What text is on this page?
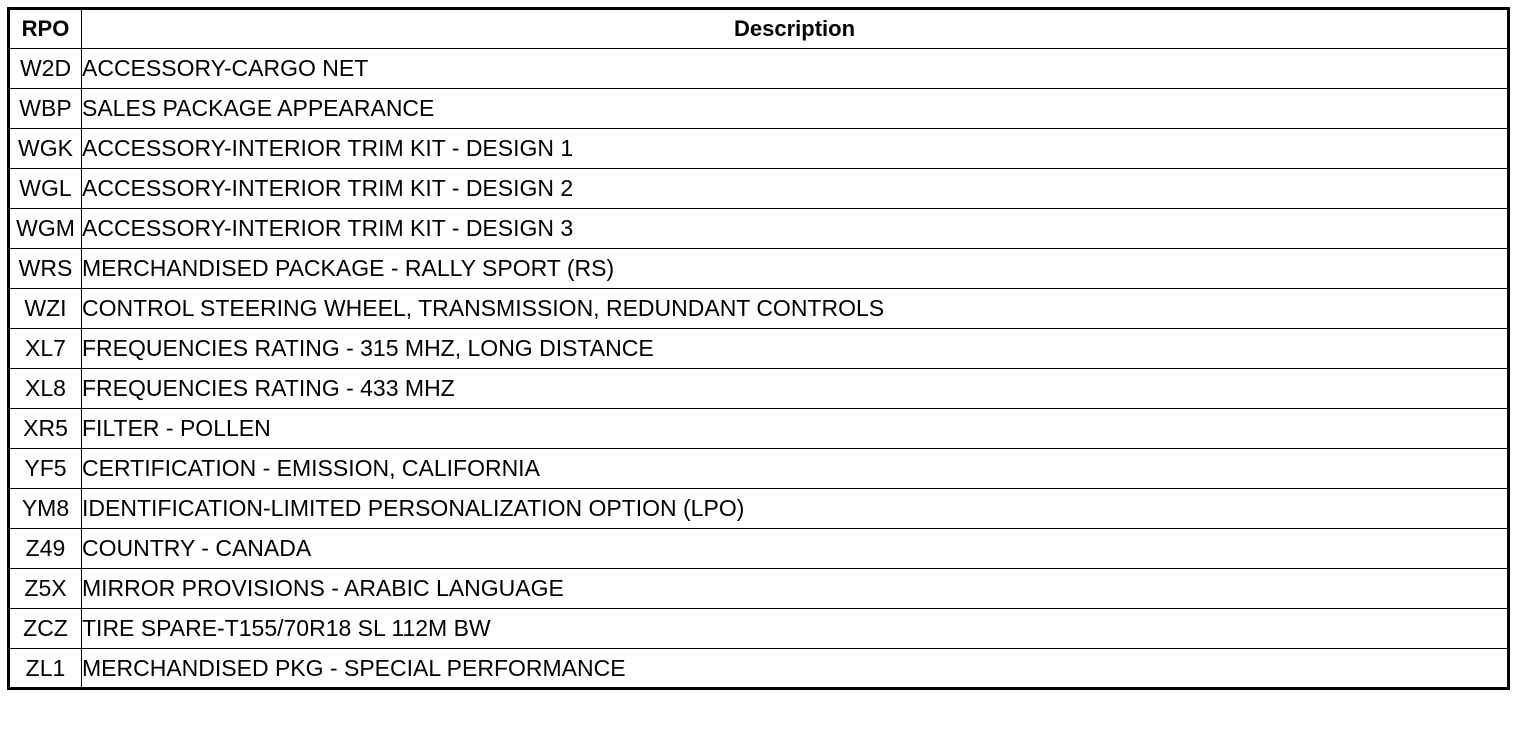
RPO	Description
W2D	ACCESSORY-CARGO NET
WBP	SALES PACKAGE APPEARANCE
WGK	ACCESSORY-INTERIOR TRIM KIT - DESIGN 1
WGL	ACCESSORY-INTERIOR TRIM KIT - DESIGN 2
WGM	ACCESSORY-INTERIOR TRIM KIT - DESIGN 3
WRS	MERCHANDISED PACKAGE - RALLY SPORT (RS)
WZI	CONTROL STEERING WHEEL, TRANSMISSION, REDUNDANT CONTROLS
XL7	FREQUENCIES RATING - 315 MHZ, LONG DISTANCE
XL8	FREQUENCIES RATING - 433 MHZ
XR5	FILTER - POLLEN
YF5	CERTIFICATION - EMISSION, CALIFORNIA
YM8	IDENTIFICATION-LIMITED PERSONALIZATION OPTION (LPO)
Z49	COUNTRY - CANADA
Z5X	MIRROR PROVISIONS - ARABIC LANGUAGE
ZCZ	TIRE SPARE-T155/70R18 SL 112M BW
ZL1	MERCHANDISED PKG - SPECIAL PERFORMANCE
